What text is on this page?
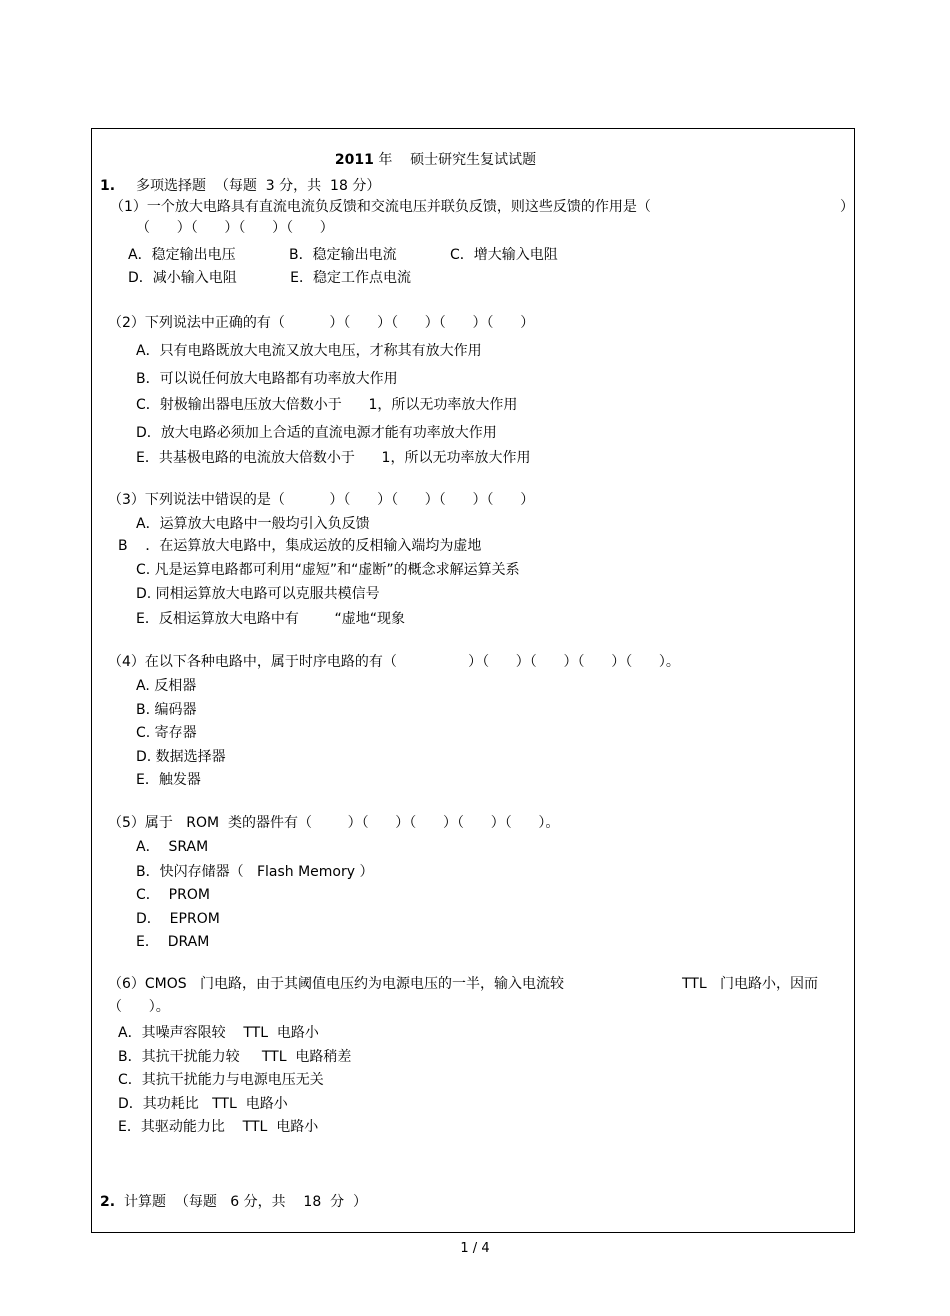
2011 年    硕士研究生复试试题

1. 多项选择题  （每题  3 分，共  18 分）
（1）一个放大电路具有直流电流负反馈和交流电压并联负反馈，则这些反馈的作用是（	）
（      ）（      ）（      ）（      ）
A．稳定输出电压            B．稳定输出电流            C．增大输入电阻
D．减小输入电阻            E．稳定工作点电流
（2）下列说法中正确的有（          ）（      ）（      ）（      ）（      ）
A．只有电路既放大电流又放大电压，才称其有放大作用
B．可以说任何放大电路都有功率放大作用
C．射极输出器电压放大倍数小于      1，所以无功率放大作用
D．放大电路必须加上合适的直流电源才能有功率放大作用
E．共基极电路的电流放大倍数小于      1，所以无功率放大作用
（3）下列说法中错误的是（          ）（      ）（      ）（      ）（      ）
A．运算放大电路中一般均引入负反馈
B    ．在运算放大电路中，集成运放的反相输入端均为虚地
C. 凡是运算电路都可利用“虚短”和“虚断”的概念求解运算关系
D. 同相运算放大电路可以克服共模信号
E．反相运算放大电路中有        “虚地“现象
（4）在以下各种电路中，属于时序电路的有（                ）（      ）（      ）（      ）（      ）。
A. 反相器
B. 编码器
C. 寄存器
D. 数据选择器
E．触发器
（5）属于   ROM  类的器件有（        ）（      ）（      ）（      ）（      ）。
A．  SRAM
B．快闪存储器（   Flash Memory ）
C．  PROM
D．  EPROM
E．  DRAM
（6）CMOS   门电路，由于其阈值电压约为电源电压的一半，输入电流较	TTL   门电路小，因而
（      ）。
A．其噪声容限较    TTL  电路小
B．其抗干扰能力较     TTL  电路稍差
C．其抗干扰能力与电源电压无关
D．其功耗比   TTL  电路小
E．其驱动能力比    TTL  电路小
2. 计算题  （每题   6 分，共    18  分  ）
1 / 4
